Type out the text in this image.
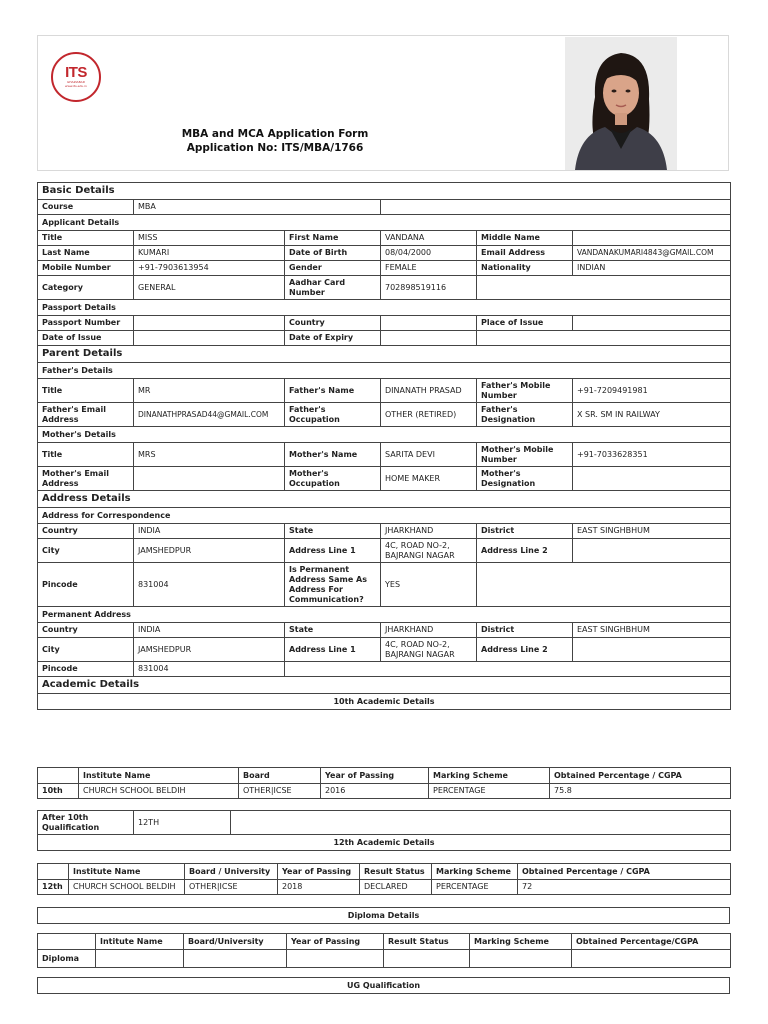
ITS
GHAZIABAD
www.its.edu.in
MBA and MCA Application Form
Application No: ITS/MBA/1766
Basic Details					
Course	MBA				
Applicant Details					
Title	MISS	First Name	VANDANA	Middle Name	
Last Name	KUMARI	Date of Birth	08/04/2000	Email Address	VANDANAKUMARI4843@GMAIL.COM
Mobile Number	+91-7903613954	Gender	FEMALE	Nationality	INDIAN
Category	GENERAL	Aadhar Card Number	702898519116		
Passport Details					
Passport Number		Country		Place of Issue	
Date of Issue		Date of Expiry			
Parent Details					
Father's Details					
Title	MR	Father's Name	DINANATH PRASAD	Father's Mobile Number	+91-7209491981
Father's Email Address	DINANATHPRASAD44@GMAIL.COM	Father's Occupation	OTHER (RETIRED)	Father's Designation	X SR. SM IN RAILWAY
Mother's Details					
Title	MRS	Mother's Name	SARITA DEVI	Mother's Mobile Number	+91-7033628351
Mother's Email Address		Mother's Occupation	HOME MAKER	Mother's Designation	
Address Details					
Address for Correspondence					
Country	INDIA	State	JHARKHAND	District	EAST SINGHBHUM
City	JAMSHEDPUR	Address Line 1	4C, ROAD NO-2, BAJRANGI NAGAR	Address Line 2	
Pincode	831004	Is Permanent Address Same As Address For Communication?	YES		
Permanent Address					
Country	INDIA	State	JHARKHAND	District	EAST SINGHBHUM
City	JAMSHEDPUR	Address Line 1	4C, ROAD NO-2, BAJRANGI NAGAR	Address Line 2	
Pincode	831004				
Academic Details					
10th Academic Details					
	Institute Name	Board	Year of Passing	Marking Scheme	Obtained Percentage / CGPA
10th	CHURCH SCHOOL BELDIH	OTHER|ICSE	2016	PERCENTAGE	75.8
After 10th Qualification	12TH	
12th Academic Details
	Institute Name	Board / University	Year of Passing	Result Status	Marking Scheme	Obtained Percentage / CGPA
12th	CHURCH SCHOOL BELDIH	OTHER|ICSE	2018	DECLARED	PERCENTAGE	72
Diploma Details
	Intitute Name	Board/University	Year of Passing	Result Status	Marking Scheme	Obtained Percentage/CGPA
Diploma						
UG Qualification
